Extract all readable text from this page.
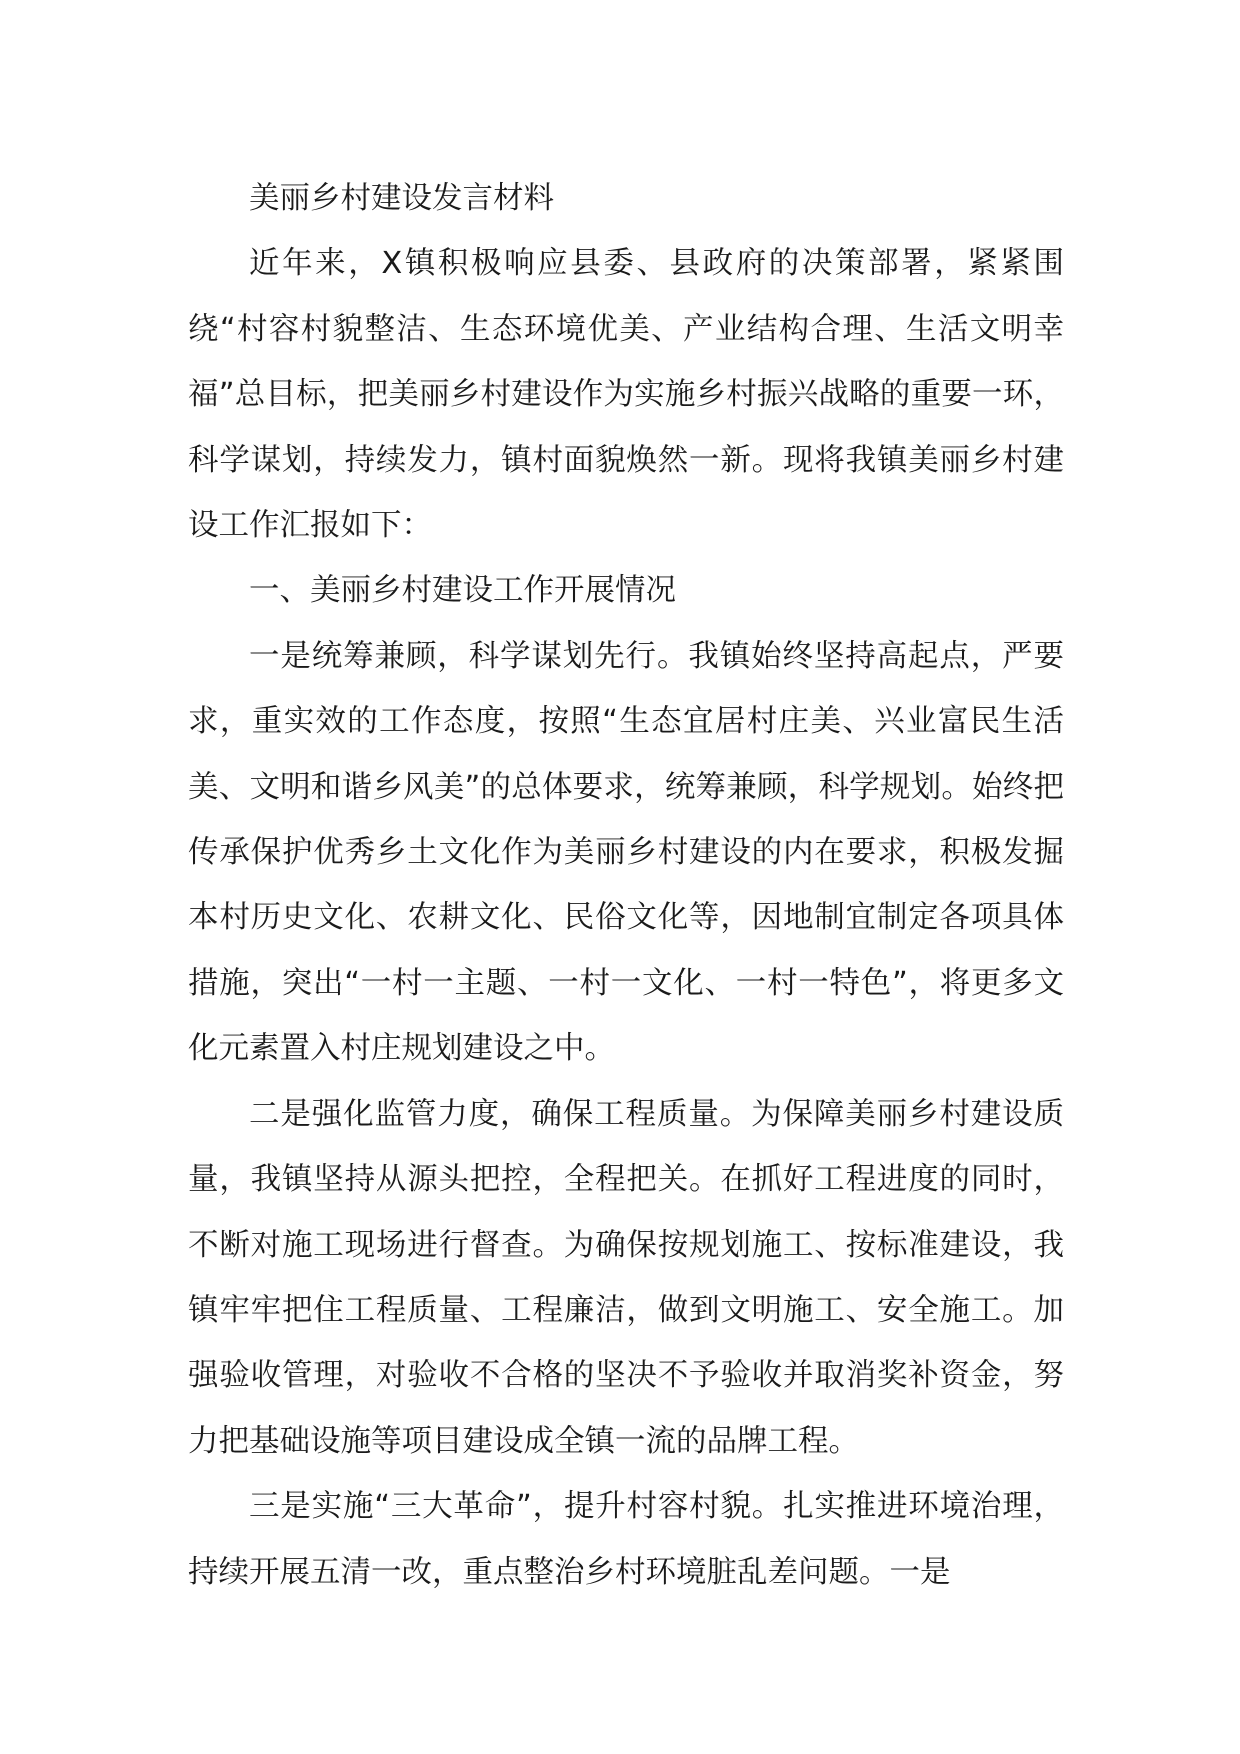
美丽乡村建设发言材料

近年来，X镇积极响应县委、县政府的决策部署，紧紧围绕“村容村貌整洁、生态环境优美、产业结构合理、生活文明幸福”总目标，把美丽乡村建设作为实施乡村振兴战略的重要一环，科学谋划，持续发力，镇村面貌焕然一新。现将我镇美丽乡村建设工作汇报如下：

一、美丽乡村建设工作开展情况

一是统筹兼顾，科学谋划先行。我镇始终坚持高起点，严要求，重实效的工作态度，按照“生态宜居村庄美、兴业富民生活美、文明和谐乡风美”的总体要求，统筹兼顾，科学规划。始终把传承保护优秀乡土文化作为美丽乡村建设的内在要求，积极发掘本村历史文化、农耕文化、民俗文化等，因地制宜制定各项具体措施，突出“一村一主题、一村一文化、一村一特色”，将更多文化元素置入村庄规划建设之中。

二是强化监管力度，确保工程质量。为保障美丽乡村建设质量，我镇坚持从源头把控，全程把关。在抓好工程进度的同时，不断对施工现场进行督查。为确保按规划施工、按标准建设，我镇牢牢把住工程质量、工程廉洁，做到文明施工、安全施工。加强验收管理，对验收不合格的坚决不予验收并取消奖补资金，努力把基础设施等项目建设成全镇一流的品牌工程。

三是实施“三大革命”，提升村容村貌。扎实推进环境治理，持续开展五清一改，重点整治乡村环境脏乱差问题。一是
